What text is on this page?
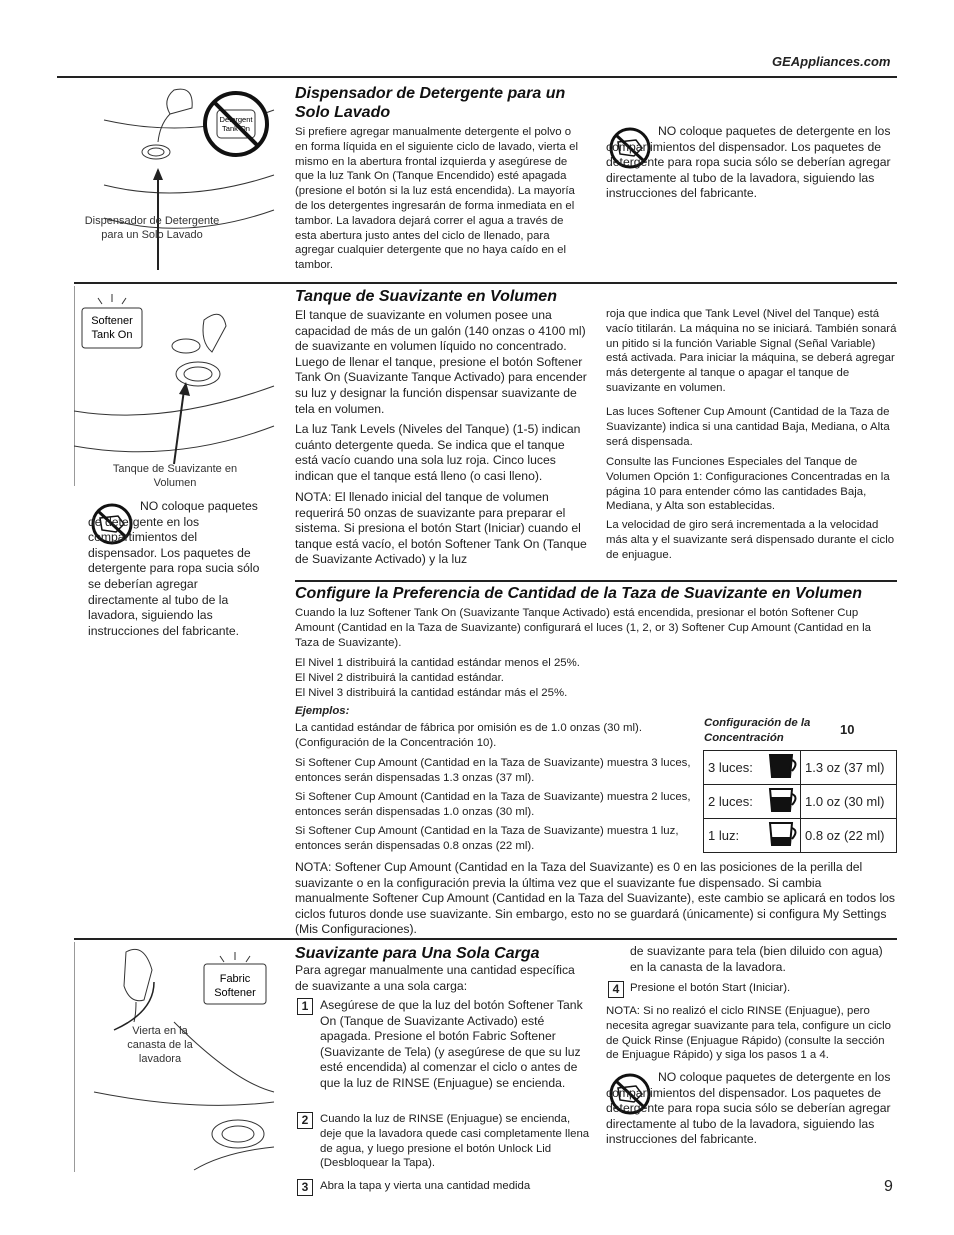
GEAppliances.com
Detergent
Tank On
Dispensador de Detergente para un Solo Lavado
Dispensador de Detergente para un Solo Lavado
Si prefiere agregar manualmente detergente el polvo o en forma líquida en el siguiente ciclo de lavado, vierta el mismo en la abertura frontal izquierda y asegúrese de que la luz Tank On (Tanque Encendido) esté apagada (presione el botón si la luz está encendida). La mayoría de los detergentes ingresarán de forma inmediata en el tambor. La lavadora dejará correr el agua a través de esta abertura justo antes del ciclo de llenado, para agregar cualquier detergente que no haya caído en el tambor.
NO coloque paquetes de detergente en los compartimientos del dispensador. Los paquetes de detergente para ropa sucia sólo se deberían agregar directamente al tubo de la lavadora, siguiendo las instrucciones del fabricante.
Softener
Tank On
Tanque de Suavizante en Volumen
NO coloque paquetes de detergente en los compartimientos del dispensador. Los paquetes de detergente para ropa sucia sólo se deberían agregar directamente al tubo de la lavadora, siguiendo las instrucciones del fabricante.
Tanque de Suavizante en Volumen
El tanque de suavizante en volumen posee una capacidad de más de un galón (140 onzas o 4100 ml) de suavizante en volumen líquido no concentrado. Luego de llenar el tanque, presione el botón Softener Tank On (Suavizante Tanque Activado) para encender su luz y designar la función dispensar suavizante de tela en volumen.
La luz Tank Levels (Niveles del Tanque) (1-5) indican cuánto detergente queda. Se indica que el tanque está vacío cuando una sola luz roja. Cinco luces indican que el tanque está lleno (o casi lleno).
NOTA: El llenado inicial del tanque de volumen requerirá 50 onzas de suavizante para preparar el sistema. Si presiona el botón Start (Iniciar) cuando el tanque está vacío, el botón Softener Tank On (Tanque de Suavizante Activado) y la luz
roja que indica que Tank Level (Nivel del Tanque) está vacío titilarán. La máquina no se iniciará. También sonará un pitido si la función Variable Signal (Señal Variable) está activada. Para iniciar la máquina, se deberá agregar más detergente al tanque o apagar el tanque de suavizante en volumen.
Las luces Softener Cup Amount (Cantidad de la Taza de Suavizante) indica si una cantidad Baja, Mediana, o Alta será dispensada.
Consulte las Funciones Especiales del Tanque de Volumen Opción 1: Configuraciones Concentradas en la página 10 para entender cómo las cantidades Baja, Mediana, y Alta son establecidas.
La velocidad de giro será incrementada a la velocidad más alta y el suavizante será dispensado durante el ciclo de enjuague.
Configure la Preferencia de Cantidad de la Taza de Suavizante en Volumen
Cuando la luz Softener Tank On (Suavizante Tanque Activado) está encendida, presionar el botón Softener Cup Amount (Cantidad en la Taza de Suavizante) configurará el luces (1, 2, or 3) Softener Cup Amount (Cantidad en la Taza de Suavizante).
El Nivel 1 distribuirá la cantidad estándar menos el 25%.
El Nivel 2 distribuirá la cantidad estándar.
El Nivel 3 distribuirá la cantidad estándar más el 25%.
Ejemplos:
La cantidad estándar de fábrica por omisión es de 1.0 onzas (30 ml). (Configuración de la Concentración 10).
Si Softener Cup Amount (Cantidad en la Taza de Suavizante) muestra 3 luces, entonces serán dispensadas 1.3 onzas (37 ml).
Si Softener Cup Amount (Cantidad en la Taza de Suavizante) muestra 2 luces, entonces serán dispensadas 1.0 onzas (30 ml).
Si Softener Cup Amount (Cantidad en la Taza de Suavizante) muestra 1 luz, entonces serán dispensadas 0.8 onzas (22 ml).
Configuración de la Concentración
10
3 luces:		1.3 oz (37 ml)
2 luces:		1.0 oz (30 ml)
1 luz:		0.8 oz (22 ml)
NOTA: Softener Cup Amount (Cantidad en la Taza del Suavizante) es 0 en las posiciones de la perilla del suavizante o en la configuración previa la última vez que el suavizante fue dispensado. Si cambia manualmente Softener Cup Amount (Cantidad en la Taza del Suavizante), este cambio se aplicará en todos los ciclos futuros donde use suavizante. Sin embargo, esto no se guardará (únicamente) si configura My Settings (Mis Configuraciones).
Fabric
Softener
Vierta en la canasta de la lavadora
Suavizante para Una Sola Carga
Para agregar manualmente una cantidad específica de suavizante a una sola carga:
1 Asegúrese de que la luz del botón Softener Tank On (Tanque de Suavizante Activado) esté apagada. Presione el botón Fabric Softener (Suavizante de Tela) (y asegúrese de que su luz esté encendida) al comenzar el ciclo o antes de que la luz de RINSE (Enjuague) se encienda.
2	Cuando la luz de RINSE (Enjuague) se encienda, deje que la lavadora quede casi completamente llena de agua, y luego presione el botón Unlock Lid (Desbloquear la Tapa).
3	Abra la tapa y vierta una cantidad medida
de suavizante para tela (bien diluido con agua) en la canasta de la lavadora.
4 Presione el botón Start (Iniciar).
NOTA: Si no realizó el ciclo RINSE (Enjuague), pero necesita agregar suavizante para tela, configure un ciclo de Quick Rinse (Enjuague Rápido) (consulte la sección de Enjuague Rápido) y siga los pasos 1 a 4.
NO coloque paquetes de detergente en los compartimientos del dispensador. Los paquetes de detergente para ropa sucia sólo se deberían agregar directamente al tubo de la lavadora, siguiendo las instrucciones del fabricante.
9
